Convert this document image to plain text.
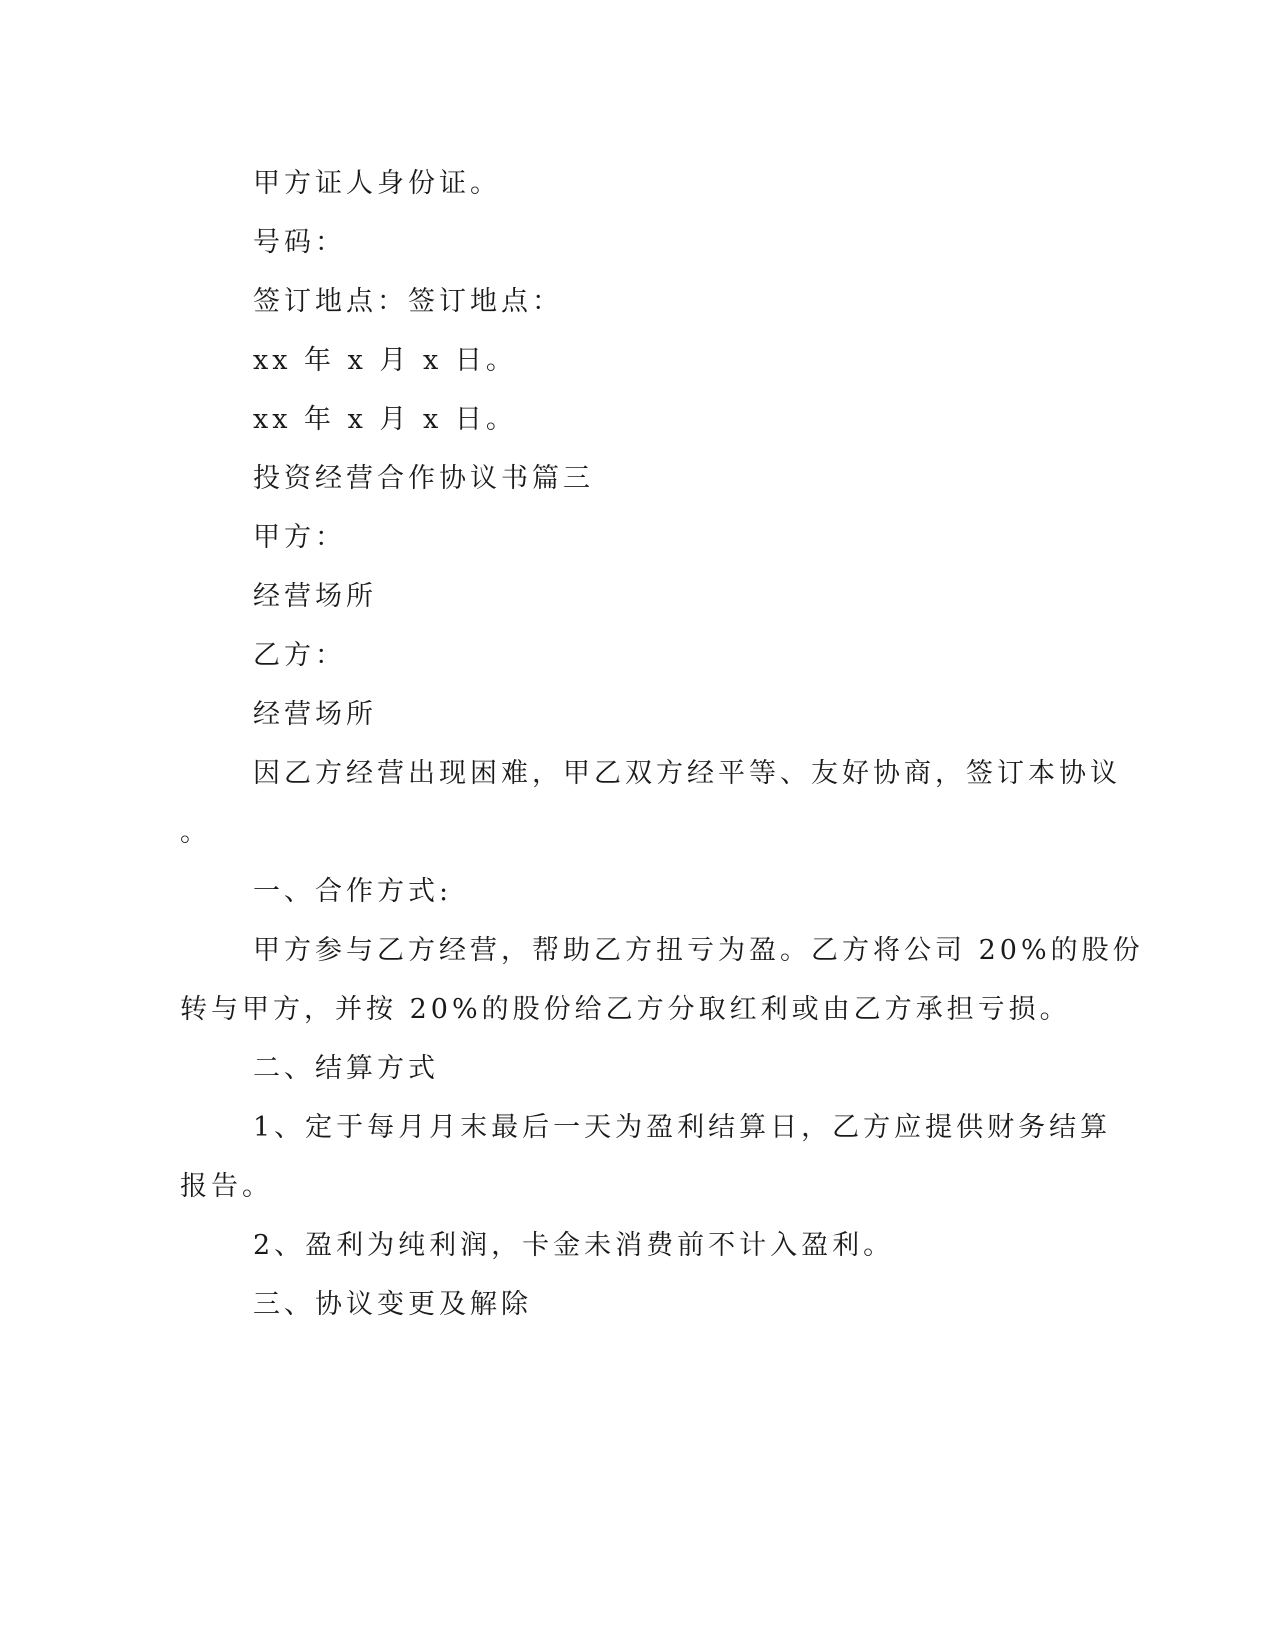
甲方证人身份证。
号码：
签订地点：签订地点：
xx 年 x 月 x 日。
xx 年 x 月 x 日。
投资经营合作协议书篇三
甲方：
经营场所
乙方：
经营场所
因乙方经营出现困难，甲乙双方经平等、友好协商，签订本协议
。
一、合作方式:
甲方参与乙方经营，帮助乙方扭亏为盈。乙方将公司 20%的股份
转与甲方，并按 20%的股份给乙方分取红利或由乙方承担亏损。
二、结算方式
1、定于每月月末最后一天为盈利结算日，乙方应提供财务结算
报告。
2、盈利为纯利润，卡金未消费前不计入盈利。
三、协议变更及解除
